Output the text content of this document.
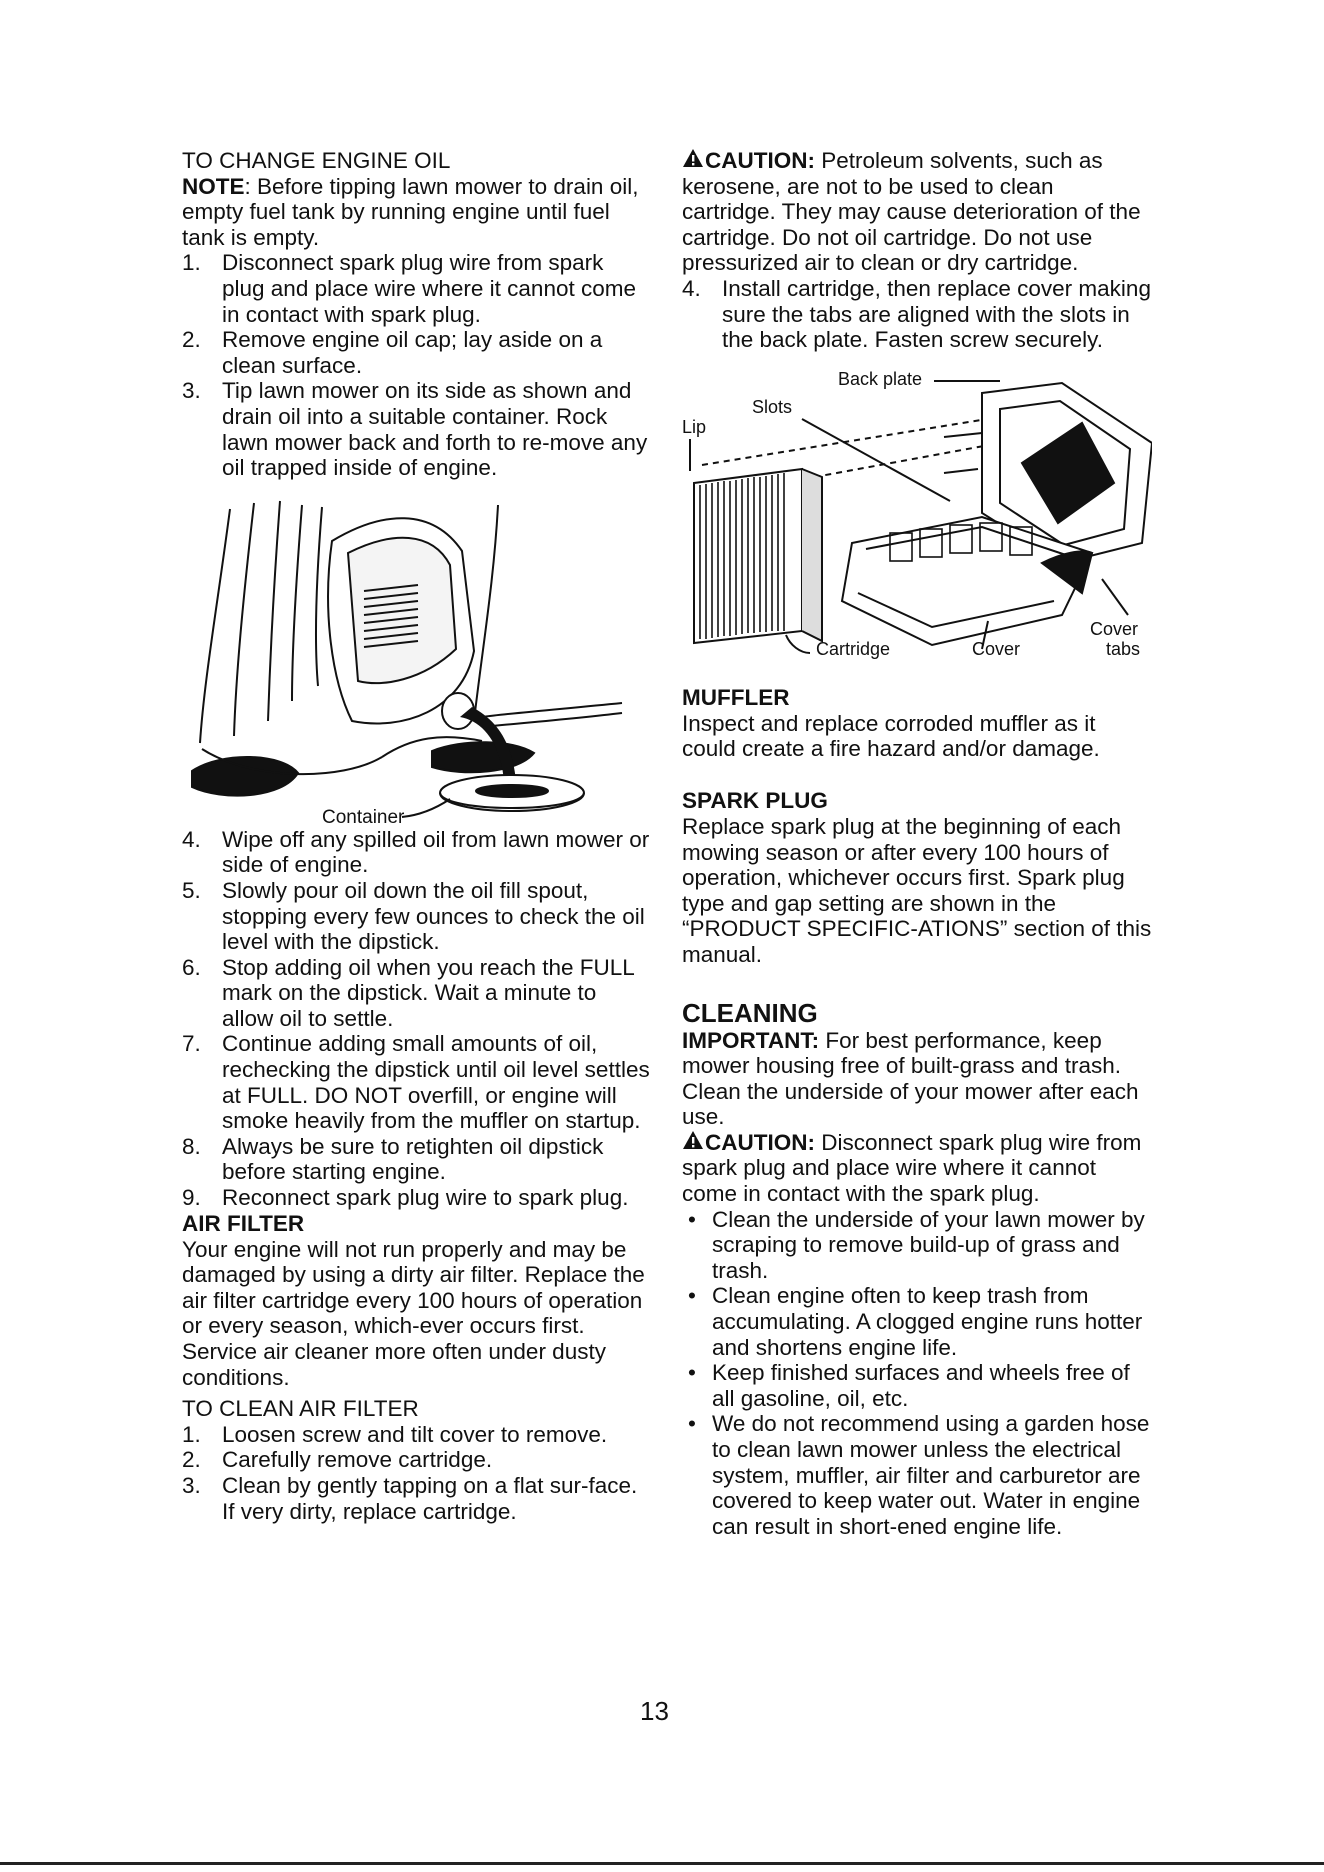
TO CHANGE ENGINE OIL

NOTE: Before tipping lawn mower to drain oil, empty fuel tank by running engine until fuel tank is empty.

1. Disconnect spark plug wire from spark plug and place wire where it cannot come in contact with spark plug.
2. Remove engine oil cap; lay aside on a clean surface.
3. Tip lawn mower on its side as shown and drain oil into a suitable container. Rock lawn mower back and forth to re-move any oil trapped inside of engine.
Container
4. Wipe off any spilled oil from lawn mower or side of engine.
5. Slowly pour oil down the oil fill spout, stopping every few ounces to check the oil level with the dipstick.
6. Stop adding oil when you reach the FULL mark on the dipstick. Wait a minute to allow oil to settle.
7. Continue adding small amounts of oil, rechecking the dipstick until oil level settles at FULL. DO NOT overfill, or engine will smoke heavily from the muffler on startup.
8. Always be sure to retighten oil dipstick before starting engine.
9. Reconnect spark plug wire to spark plug.
AIR FILTER

Your engine will not run properly and may be damaged by using a dirty air filter. Replace the air filter cartridge every 100 hours of operation or every season, which-ever occurs first. Service air cleaner more often under dusty conditions.

TO CLEAN AIR FILTER

1. Loosen screw and tilt cover to remove.
2. Carefully remove cartridge.
3. Clean by gently tapping on a flat sur-face. If very dirty, replace cartridge.

CAUTION: Petroleum solvents, such as kerosene, are not to be used to clean cartridge. They may cause deterioration of the cartridge. Do not oil cartridge. Do not use pressurized air to clean or dry cartridge.

4. Install cartridge, then replace cover making sure the tabs are aligned with the slots in the back plate. Fasten screw securely.
Back plate
Slots
Lip
Cartridge	Cover
Cover
tabs
MUFFLER

Inspect and replace corroded muffler as it could create a fire hazard and/or damage.

SPARK PLUG

Replace spark plug at the beginning of each mowing season or after every 100 hours of operation, whichever occurs first. Spark plug type and gap setting are shown in the “PRODUCT SPECIFIC-ATIONS” section of this manual.

CLEANING

IMPORTANT: For best performance, keep mower housing free of built-grass and trash. Clean the underside of your mower after each use.

CAUTION: Disconnect spark plug wire from spark plug and place wire where it cannot come in contact with the spark plug.

• Clean the underside of your lawn mower by scraping to remove build-up of grass and trash.
• Clean engine often to keep trash from accumulating. A clogged engine runs hotter and shortens engine life.
• Keep finished surfaces and wheels free of all gasoline, oil, etc.
• We do not recommend using a garden hose to clean lawn mower unless the electrical system, muffler, air filter and carburetor are covered to keep water out. Water in engine can result in short-ened engine life.
13
